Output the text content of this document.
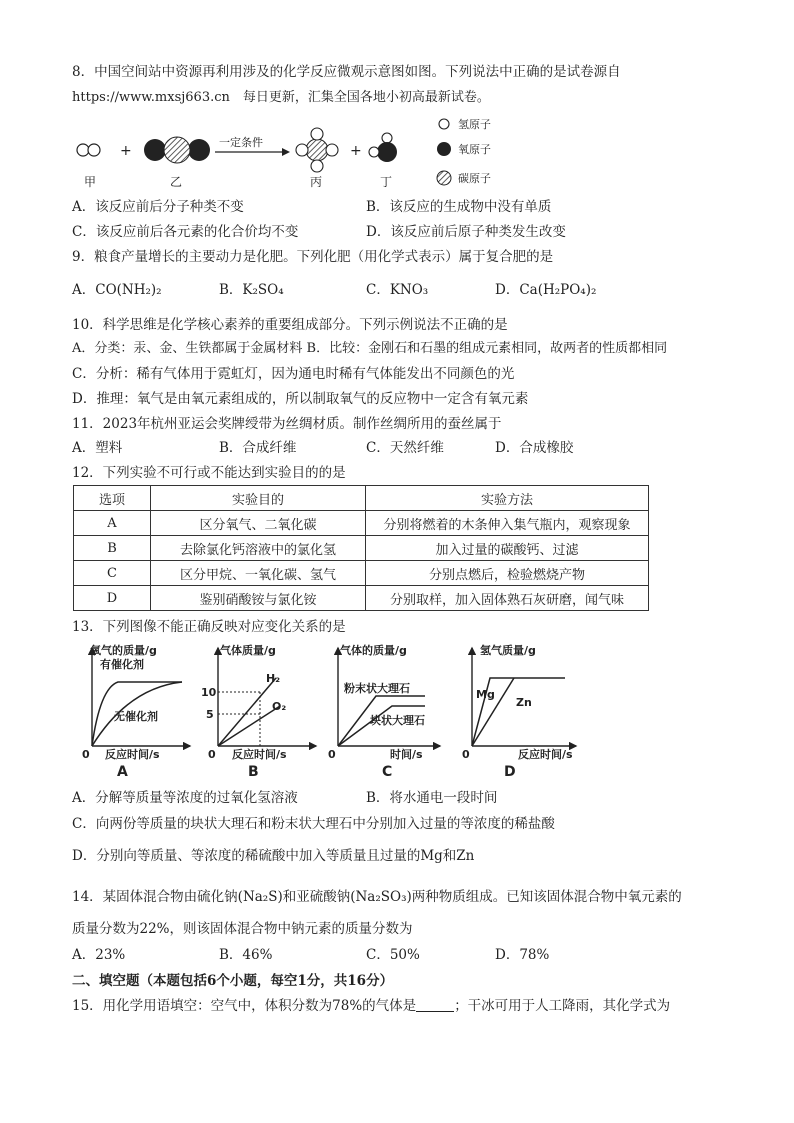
8．中国空间站中资源再利用涉及的化学反应微观示意图如图。下列说法中正确的是试卷源自
https://www.mxsj663.cn　每日更新，汇集全国各地小初高最新试卷。
+
一定条件
+
甲	乙	丙	丁
氢原子
氧原子
碳原子
A．该反应前后分子种类不变	B．该反应的生成物中没有单质
C．该反应前后各元素的化合价均不变	D．该反应前后原子种类发生改变
9．粮食产量增长的主要动力是化肥。下列化肥（用化学式表示）属于复合肥的是
A．CO(NH₂)₂	B．K₂SO₄	C．KNO₃	D．Ca(H₂PO₄)₂
10．科学思维是化学核心素养的重要组成部分。下列示例说法不正确的是
A．分类：汞、金、生铁都属于金属材料 B．比较：金刚石和石墨的组成元素相同，故两者的性质都相同
C．分析：稀有气体用于霓虹灯，因为通电时稀有气体能发出不同颜色的光
D．推理：氧气是由氧元素组成的，所以制取氧气的反应物中一定含有氧元素
11．2023年杭州亚运会奖牌绶带为丝绸材质。制作丝绸所用的蚕丝属于
A．塑料	B．合成纤维	C．天然纤维	D．合成橡胶
12．下列实验不可行或不能达到实验目的的是
选项	实验目的	实验方法
A	区分氧气、二氧化碳	分别将燃着的木条伸入集气瓶内，观察现象
B	去除氯化钙溶液中的氯化氢	加入过量的碳酸钙、过滤
C	区分甲烷、一氧化碳、氢气	分别点燃后，检验燃烧产物
D	鉴别硝酸铵与氯化铵	分别取样，加入固体熟石灰研磨，闻气味
13．下列图像不能正确反映对应变化关系的是
氧气的质量/g
有催化剂
无催化剂
0 反应时间/s
A
气体质量/g
10
5
H₂
O₂
0 反应时间/s
B
气体的质量/g
粉末状大理石
块状大理石
0	时间/s
C
氢气质量/g
Mg
Zn
0	反应时间/s
D
A．分解等质量等浓度的过氧化氢溶液	B．将水通电一段时间
C．向两份等质量的块状大理石和粉末状大理石中分别加入过量的等浓度的稀盐酸
D．分别向等质量、等浓度的稀硫酸中加入等质量且过量的Mg和Zn
14．某固体混合物由硫化钠(Na₂S)和亚硫酸钠(Na₂SO₃)两种物质组成。已知该固体混合物中氧元素的
质量分数为22%，则该固体混合物中钠元素的质量分数为
A．23%	B．46%	C．50%	D．78%
二、填空题（本题包括6个小题，每空1分，共16分）
15．用化学用语填空：空气中，体积分数为78%的气体是	；干冰可用于人工降雨，其化学式为
